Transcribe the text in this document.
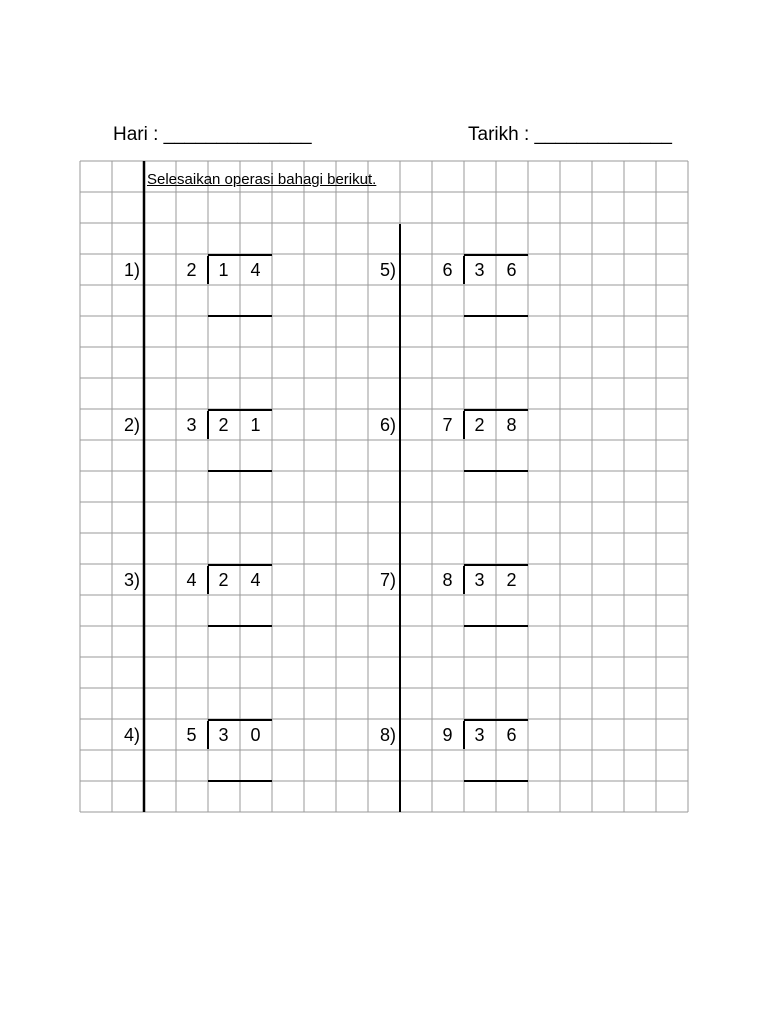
Hari : ______________	Tarikh : _____________
Selesaikan operasi bahagi berikut.
1)	2	1	4
2)	3	2	1
3)	4	2	4
4)	5	3	0
5)	6	3	6
6)	7	2	8
7)	8	3	2
8)	9	3	6
